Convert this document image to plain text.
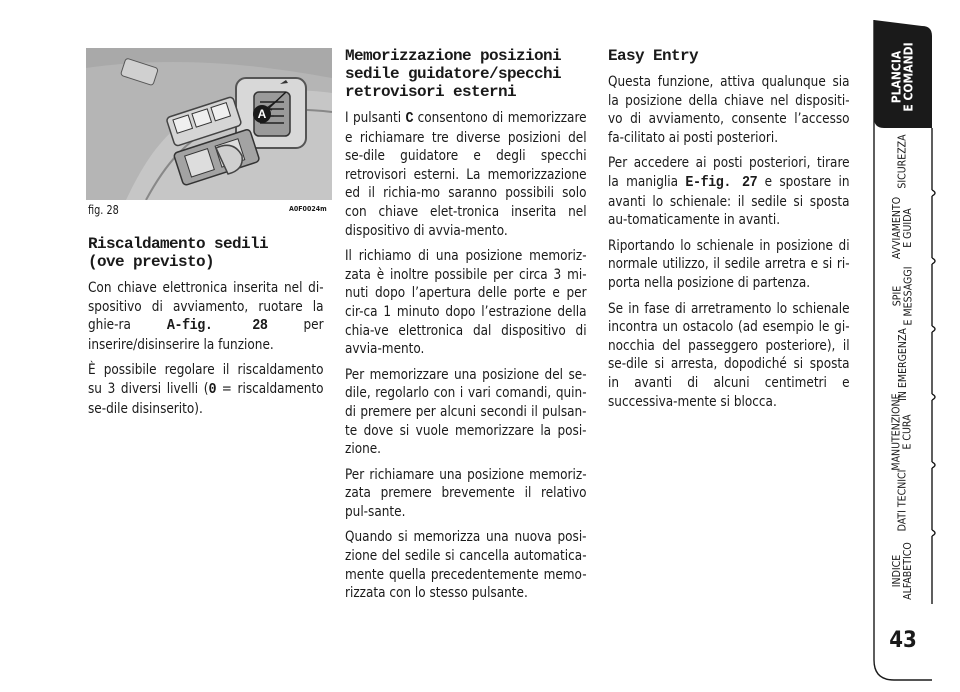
A
fig. 28	A0F0024m
Riscaldamento sedili
(ove previsto)

Con chiave elettronica inserita nel di-spositivo di avviamento, ruotare la ghie-ra A-fig. 28 per inserire/disinserire la funzione.

È possibile regolare il riscaldamento su 3 diversi livelli (0 = riscaldamento se-dile disinserito).

Memorizzazione posizioni
sedile guidatore/specchi
retrovisori esterni

I pulsanti C consentono di memorizzare e richiamare tre diverse posizioni del se-dile guidatore e degli specchi retrovisori esterni. La memorizzazione ed il richia-mo saranno possibili solo con chiave elet-tronica inserita nel dispositivo di avvia-mento.

Il richiamo di una posizione memoriz-zata è inoltre possibile per circa 3 mi-nuti dopo l’apertura delle porte e per cir-ca 1 minuto dopo l’estrazione della chia-ve elettronica dal dispositivo di avvia-mento.

Per memorizzare una posizione del se-dile, regolarlo con i vari comandi, quin-di premere per alcuni secondi il pulsan-te dove si vuole memorizzare la posi-zione.

Per richiamare una posizione memoriz-zata premere brevemente il relativo pul-sante.

Quando si memorizza una nuova posi-zione del sedile si cancella automatica-mente quella precedentemente memo-rizzata con lo stesso pulsante.

Easy Entry

Questa funzione, attiva qualunque sia la posizione della chiave nel dispositi-vo di avviamento, consente l’accesso fa-cilitato ai posti posteriori.

Per accedere ai posti posteriori, tirare la maniglia E-fig. 27 e spostare in avanti lo schienale: il sedile si sposta au-tomaticamente in avanti.

Riportando lo schienale in posizione di normale utilizzo, il sedile arretra e si ri-porta nella posizione di partenza.

Se in fase di arretramento lo schienale incontra un ostacolo (ad esempio le gi-nocchia del passeggero posteriore), il se-dile si arresta, dopodiché si sposta in avanti di alcuni centimetri e successiva-mente si blocca.

PLANCIA
E COMANDI
SICUREZZA
AVVIAMENTO
E GUIDA
SPIE
E MESSAGGI
IN EMERGENZA
MANUTENZIONE
E CURA
DATI TECNICI
INDICE
ALFABETICO
43
